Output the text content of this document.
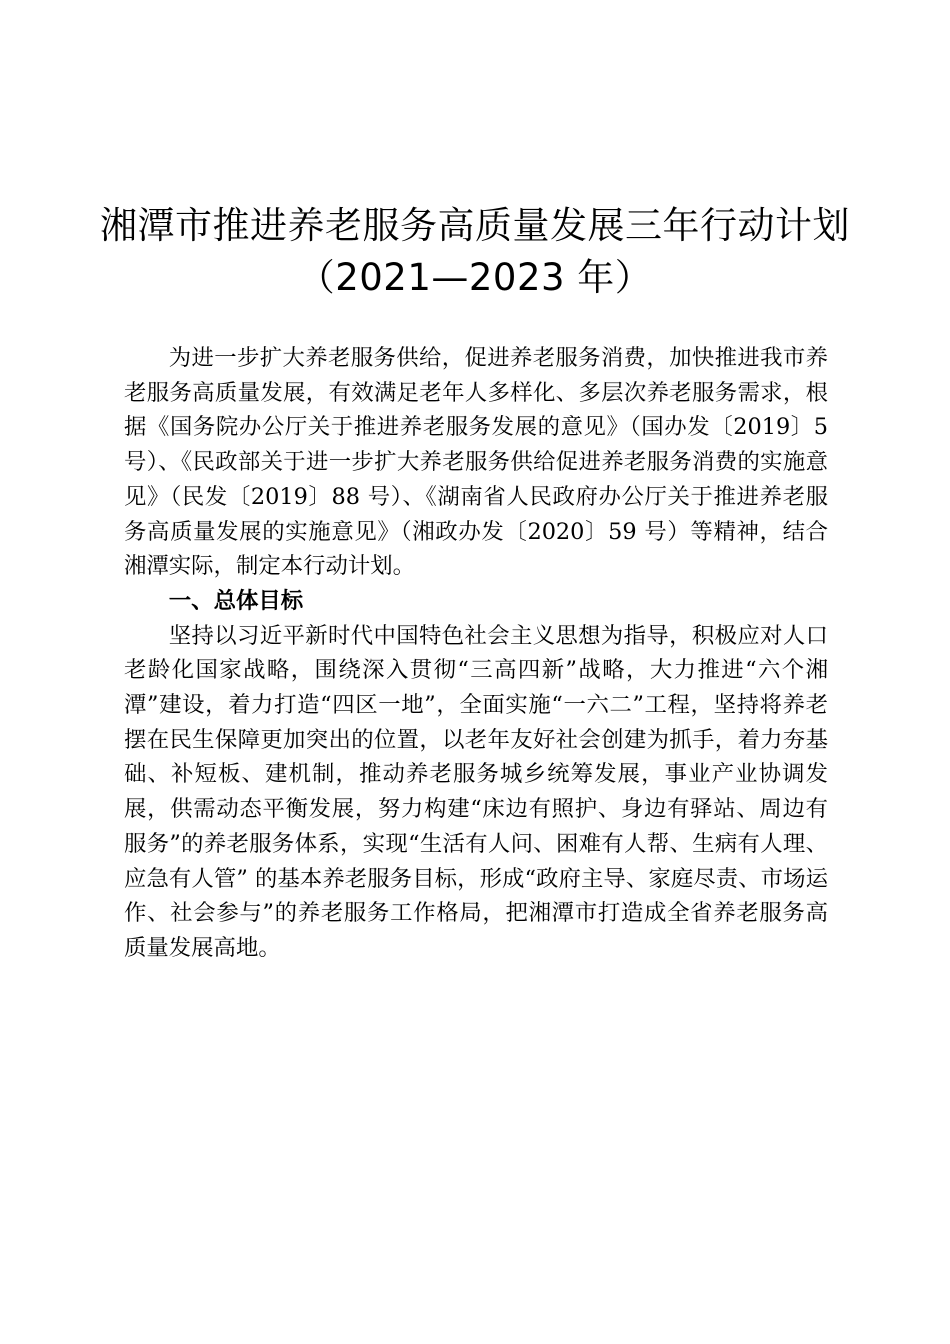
湘潭市推进养老服务高质量发展三年行动计划
（2021—2023 年）

为进一步扩大养老服务供给，促进养老服务消费，加快推进我市养老服务高质量发展，有效满足老年人多样化、多层次养老服务需求，根据《国务院办公厅关于推进养老服务发展的意见》（国办发〔2019〕5 号）、《民政部关于进一步扩大养老服务供给促进养老服务消费的实施意见》（民发〔2019〕88 号）、《湖南省人民政府办公厅关于推进养老服务高质量发展的实施意见》（湘政办发〔2020〕59 号）等精神，结合湘潭实际，制定本行动计划。

一、总体目标

坚持以习近平新时代中国特色社会主义思想为指导，积极应对人口老龄化国家战略，围绕深入贯彻“三高四新”战略，大力推进“六个湘潭”建设，着力打造“四区一地”，全面实施“一六二”工程，坚持将养老摆在民生保障更加突出的位置，以老年友好社会创建为抓手，着力夯基础、补短板、建机制，推动养老服务城乡统筹发展，事业产业协调发展，供需动态平衡发展，努力构建“床边有照护、身边有驿站、周边有服务”的养老服务体系，实现“生活有人问、困难有人帮、生病有人理、应急有人管” 的基本养老服务目标，形成“政府主导、家庭尽责、市场运作、社会参与”的养老服务工作格局，把湘潭市打造成全省养老服务高质量发展高地。
